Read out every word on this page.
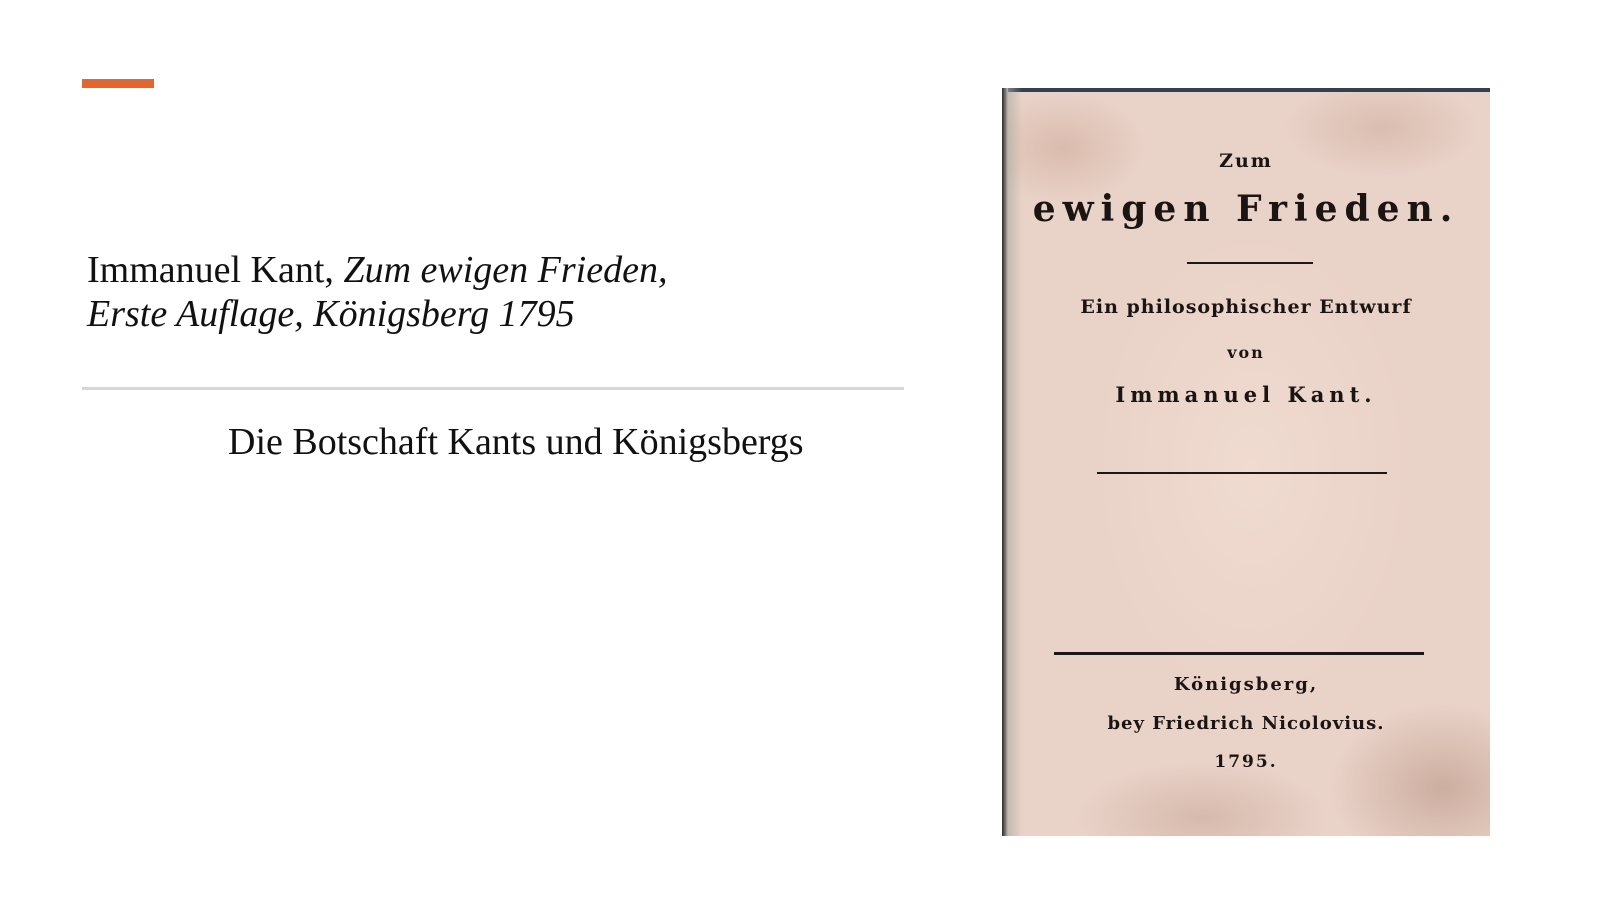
Immanuel Kant, Zum ewigen Frieden,
Erste Auflage, Königsberg 1795

Die Botschaft Kants und Königsbergs

Zum
ewigen Frieden.
Ein philosophischer Entwurf
von
Immanuel Kant.
Königsberg,
bey Friedrich Nicolovius.
1795.
